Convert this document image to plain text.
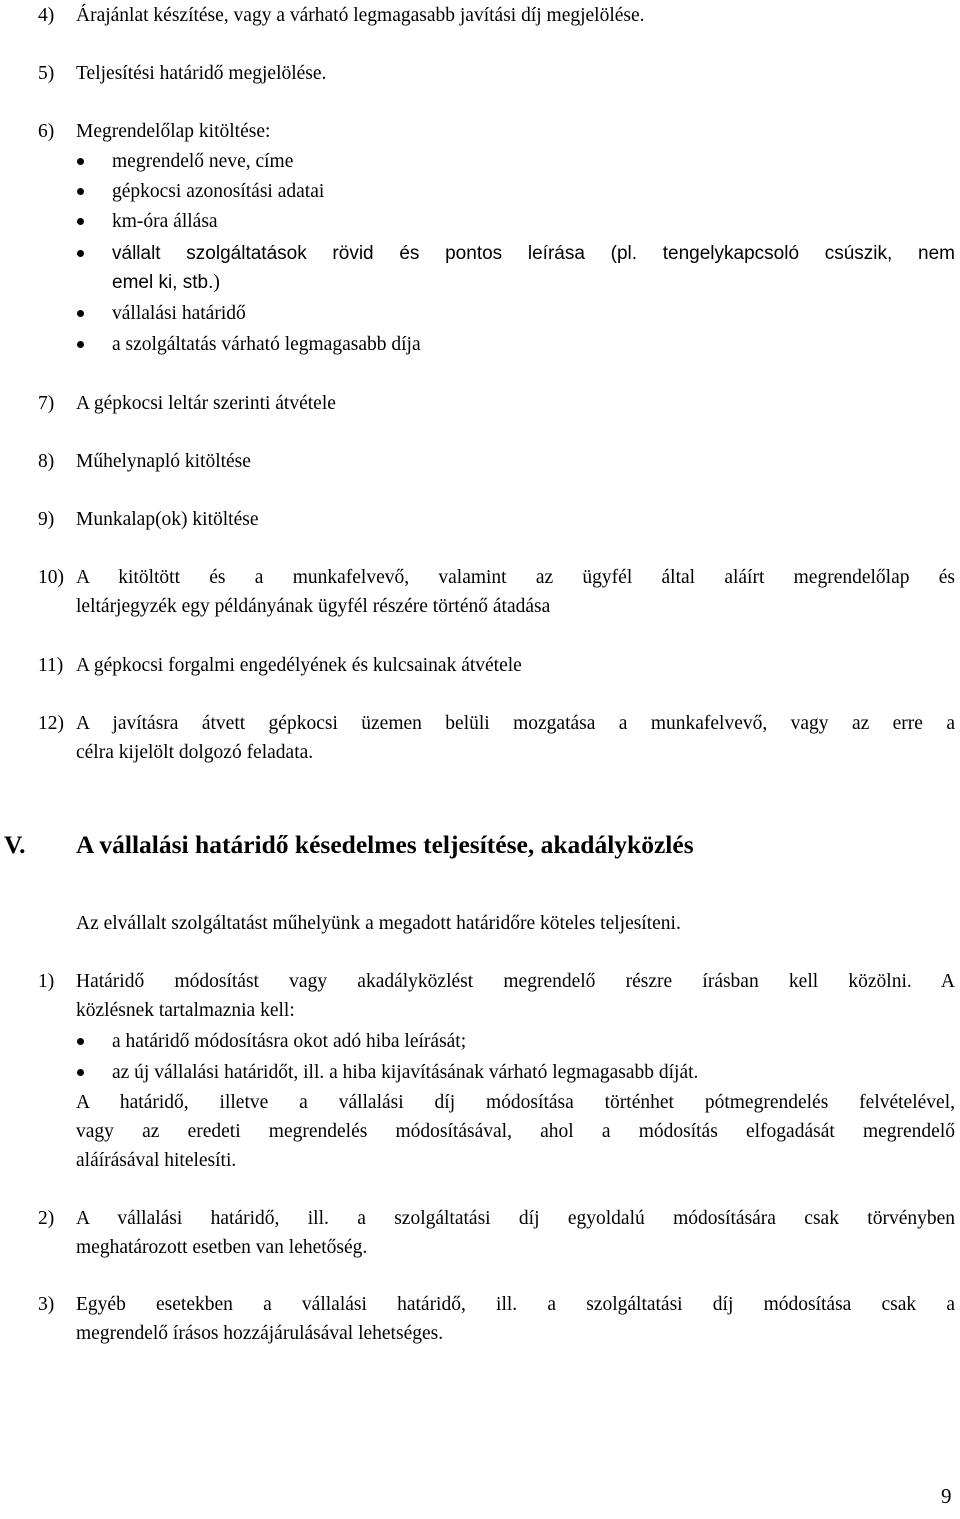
4) Árajánlat készítése, vagy a várható legmagasabb javítási díj megjelölése.
5) Teljesítési határidő megjelölése.
6) Megrendelőlap kitöltése:
megrendelő neve, címe
gépkocsi azonosítási adatai
km-óra állása
vállalt szolgáltatások rövid és pontos leírása (pl. tengelykapcsoló csúszik, nem
emel ki, stb.)
vállalási határidő
a szolgáltatás várható legmagasabb díja
7) A gépkocsi leltár szerinti átvétele
8) Műhelynapló kitöltése
9) Munkalap(ok) kitöltése
10) A kitöltött és a munkafelvevő, valamint az ügyfél által aláírt megrendelőlap és
leltárjegyzék egy példányának ügyfél részére történő átadása
11) A gépkocsi forgalmi engedélyének és kulcsainak átvétele
12) A javításra átvett gépkocsi üzemen belüli mozgatása a munkafelvevő, vagy az erre a
célra kijelölt dolgozó feladata.
V. A vállalási határidő késedelmes teljesítése, akadályközlés
Az elvállalt szolgáltatást műhelyünk a megadott határidőre köteles teljesíteni.
1) Határidő módosítást vagy akadályközlést megrendelő részre írásban kell közölni. A
közlésnek tartalmaznia kell:
a határidő módosításra okot adó hiba leírását;
az új vállalási határidőt, ill. a hiba kijavításának várható legmagasabb díját.
A határidő, illetve a vállalási díj módosítása történhet pótmegrendelés felvételével,
vagy az eredeti megrendelés módosításával, ahol a módosítás elfogadását megrendelő
aláírásával hitelesíti.
2) A vállalási határidő, ill. a szolgáltatási díj egyoldalú módosítására csak törvényben
meghatározott esetben van lehetőség.
3) Egyéb esetekben a vállalási határidő, ill. a szolgáltatási díj módosítása csak a
megrendelő írásos hozzájárulásával lehetséges.
9
